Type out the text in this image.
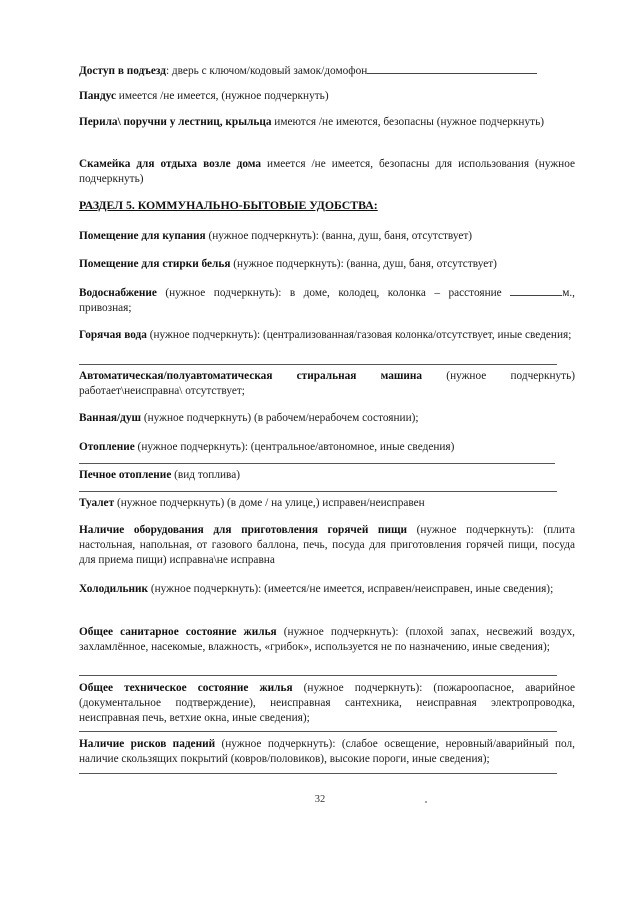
Доступ в подъезд: дверь с ключом/кодовый замок/домофон
Пандус имеется /не имеется, (нужное подчеркнуть)
Перила\ поручни у лестниц, крыльца имеются /не имеются, безопасны (нужное подчеркнуть)
Скамейка для отдыха возле дома имеется /не имеется, безопасны для использования (нужное подчеркнуть)
РАЗДЕЛ 5. КОММУНАЛЬНО-БЫТОВЫЕ УДОБСТВА:
Помещение для купания (нужное подчеркнуть): (ванна, душ, баня, отсутствует)
Помещение для стирки белья (нужное подчеркнуть): (ванна, душ, баня, отсутствует)
Водоснабжение (нужное подчеркнуть): в доме, колодец, колонка – расстояние	м., привозная;
Горячая вода (нужное подчеркнуть): (централизованная/газовая колонка/отсутствует, иные сведения;
Автоматическая/полуавтоматическая стиральная машина (нужное подчеркнуть) работает\неисправна\ отсутствует;
Ванная/душ (нужное подчеркнуть) (в рабочем/нерабочем состоянии);
Отопление (нужное подчеркнуть): (центральное/автономное, иные сведения)
Печное отопление (вид топлива)
Туалет (нужное подчеркнуть) (в доме / на улице,) исправен/неисправен
Наличие оборудования для приготовления горячей пищи (нужное подчеркнуть): (плита настольная, напольная, от газового баллона, печь, посуда для приготовления горячей пищи, посуда для приема пищи) исправна\не исправна
Холодильник (нужное подчеркнуть): (имеется/не имеется, исправен/неисправен, иные сведения);
Общее санитарное состояние жилья (нужное подчеркнуть): (плохой запах, несвежий воздух, захламлённое, насекомые, влажность, «грибок», используется не по назначению, иные сведения);
Общее техническое состояние жилья (нужное подчеркнуть): (пожароопасное, аварийное (документальное подтверждение), неисправная сантехника, неисправная электропроводка, неисправная печь, ветхие окна, иные сведения);
Наличие рисков падений (нужное подчеркнуть): (слабое освещение, неровный/аварийный пол, наличие скользящих покрытий (ковров/половиков), высокие пороги, иные сведения);
32
